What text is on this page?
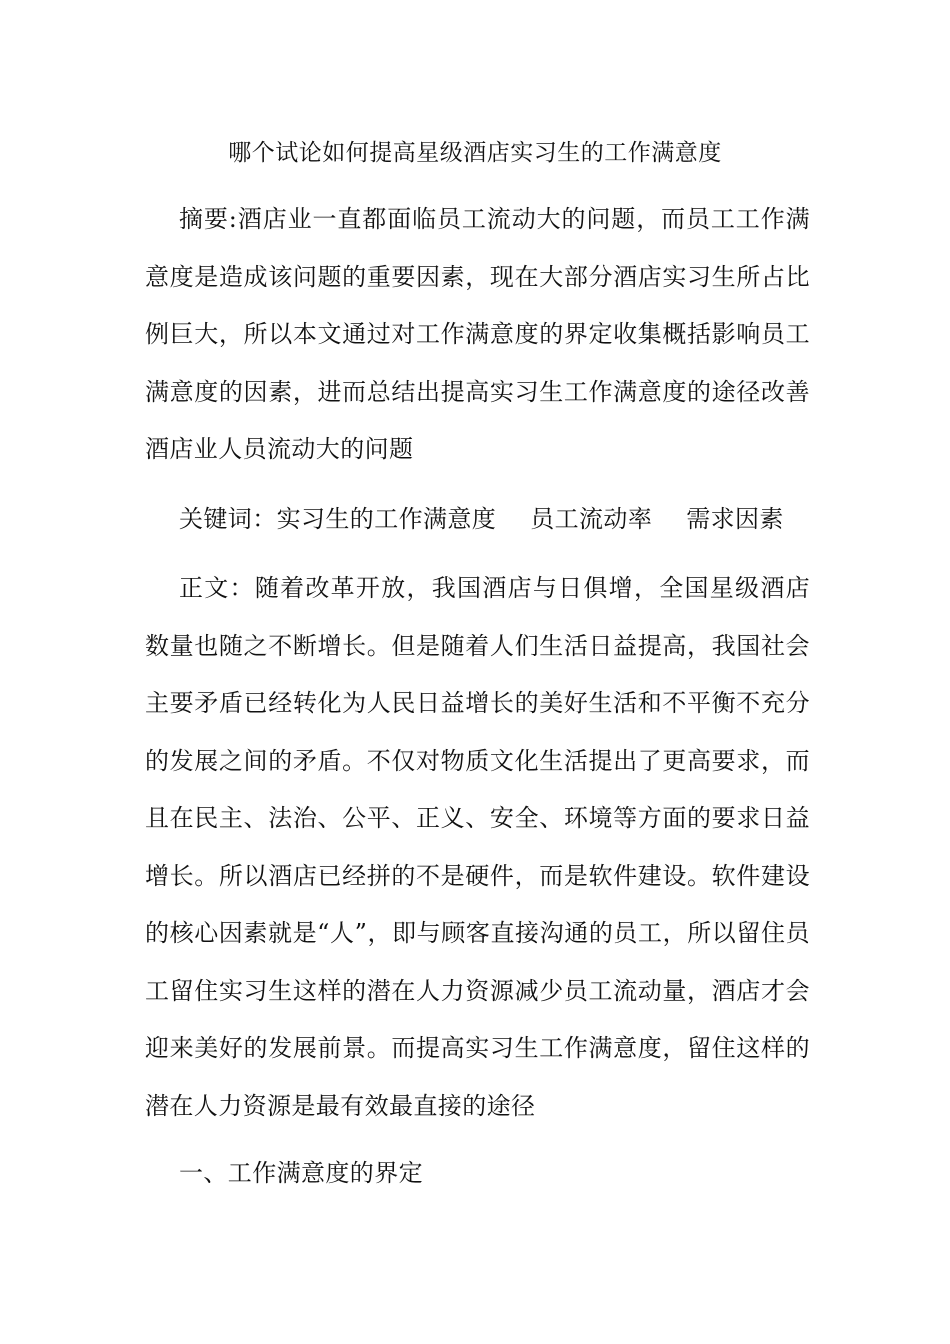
哪个试论如何提高星级酒店实习生的工作满意度

摘要:酒店业一直都面临员工流动大的问题，而员工工作满意度是造成该问题的重要因素，现在大部分酒店实习生所占比例巨大，所以本文通过对工作满意度的界定收集概括影响员工满意度的因素，进而总结出提高实习生工作满意度的途径改善酒店业人员流动大的问题

关键词：实习生的工作满意度 员工流动率 需求因素

正文：随着改革开放，我国酒店与日俱增，全国星级酒店数量也随之不断增长。但是随着人们生活日益提高，我国社会主要矛盾已经转化为人民日益增长的美好生活和不平衡不充分的发展之间的矛盾。不仅对物质文化生活提出了更高要求，而且在民主、法治、公平、正义、安全、环境等方面的要求日益增长。所以酒店已经拼的不是硬件，而是软件建设。软件建设的核心因素就是“人”，即与顾客直接沟通的员工，所以留住员工留住实习生这样的潜在人力资源减少员工流动量，酒店才会迎来美好的发展前景。而提高实习生工作满意度，留住这样的潜在人力资源是最有效最直接的途径

一、工作满意度的界定
